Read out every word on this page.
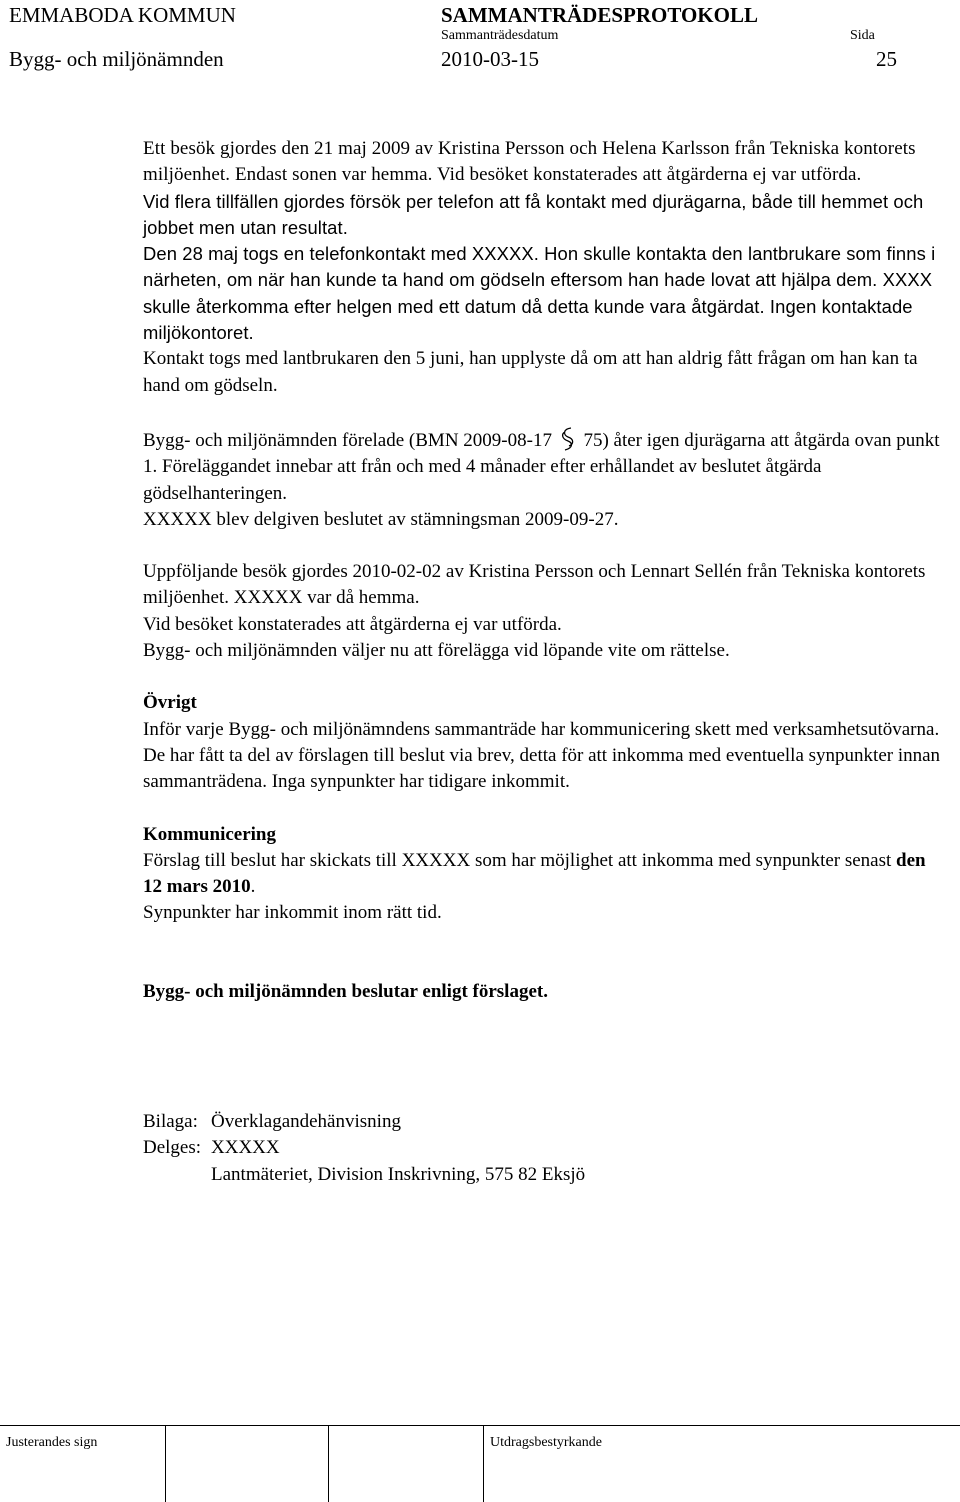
EMMABODA KOMMUN
Bygg- och miljönämnden
SAMMANTRÄDESPROTOKOLL
Sammanträdesdatum
2010-03-15
Sida
25

Ett besök gjordes den 21 maj 2009 av Kristina Persson och Helena Karlsson från Tekniska kontorets miljöenhet. Endast sonen var hemma. Vid besöket konstaterades att åtgärderna ej var utförda.

Vid flera tillfällen gjordes försök per telefon att få kontakt med djurägarna, både till hemmet och jobbet men utan resultat.

Den 28 maj togs en telefonkontakt med XXXXX. Hon skulle kontakta den lantbrukare som finns i närheten, om när han kunde ta hand om gödseln eftersom han hade lovat att hjälpa dem. XXXX skulle återkomma efter helgen med ett datum då detta kunde vara åtgärdat. Ingen kontaktade miljökontoret.

Kontakt togs med lantbrukaren den 5 juni, han upplyste då om att han aldrig fått frågan om han kan ta hand om gödseln.

Bygg- och miljönämnden förelade (BMN 2009-08-17 75) åter igen djurägarna att åtgärda ovan punkt 1. Föreläggandet innebar att från och med 4 månader efter erhållandet av beslutet åtgärda gödselhanteringen.

XXXXX blev delgiven beslutet av stämningsman 2009-09-27.

Uppföljande besök gjordes 2010-02-02 av Kristina Persson och Lennart Sellén från Tekniska kontorets miljöenhet. XXXXX var då hemma.

Vid besöket konstaterades att åtgärderna ej var utförda.

Bygg- och miljönämnden väljer nu att förelägga vid löpande vite om rättelse.

Övrigt

Inför varje Bygg- och miljönämndens sammanträde har kommunicering skett med verksamhetsutövarna. De har fått ta del av förslagen till beslut via brev, detta för att inkomma med eventuella synpunkter innan sammanträdena. Inga synpunkter har tidigare inkommit.

Kommunicering

Förslag till beslut har skickats till XXXXX som har möjlighet att inkomma med synpunkter senast den 12 mars 2010.

Synpunkter har inkommit inom rätt tid.

Bygg- och miljönämnden beslutar enligt förslaget.

Bilaga: Överklagandehänvisning
Delges: XXXXX
Lantmäteriet, Division Inskrivning, 575 82 Eksjö
Justerandes sign	Utdragsbestyrkande
